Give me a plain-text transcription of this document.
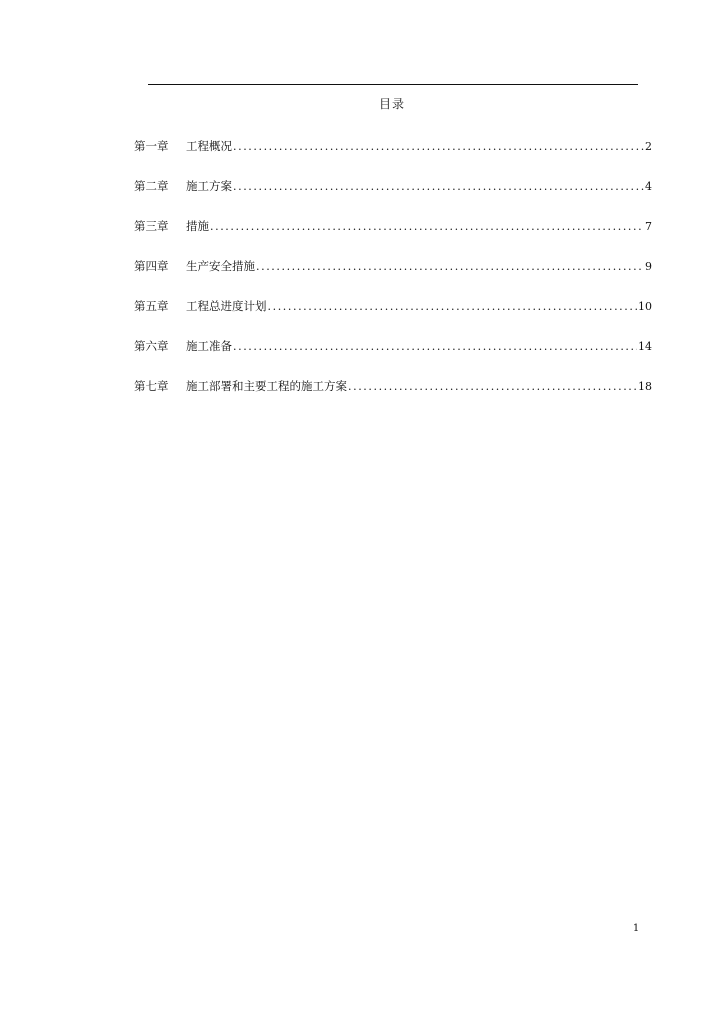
目录
第一章	工程概况 .....	2
第二章	施工方案 .....	4
第三章	措施 .....	7
第四章	生产安全措施 .....	9
第五章	工程总进度计划 .....	10
第六章	施工准备 .....	14
第七章	施工部署和主要工程的施工方案 .....	18
1
